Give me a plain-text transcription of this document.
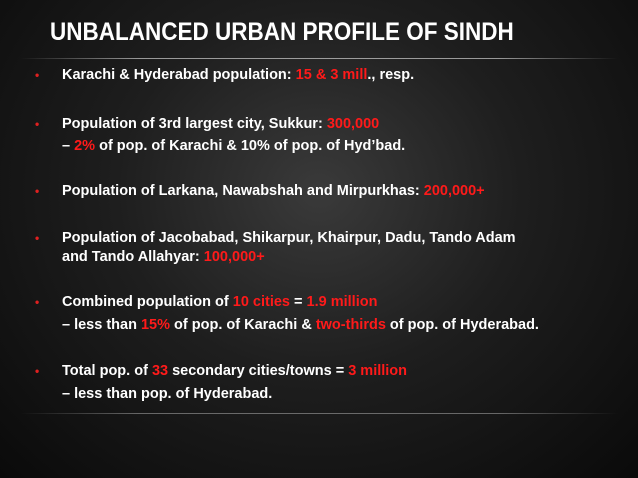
UNBALANCED URBAN PROFILE OF SINDH
• Karachi & Hyderabad population: 15 & 3 mill., resp.
• Population of 3rd largest city, Sukkur: 300,000
– 2% of pop. of Karachi & 10% of pop. of Hyd’bad.
• Population of Larkana, Nawabshah and Mirpurkhas: 200,000+
• Population of Jacobabad, Shikarpur, Khairpur, Dadu, Tando Adam
and Tando Allahyar: 100,000+
• Combined population of 10 cities = 1.9 million
– less than 15% of pop. of Karachi & two-thirds of pop. of Hyderabad.
• Total pop. of 33 secondary cities/towns = 3 million
– less than pop. of Hyderabad.
